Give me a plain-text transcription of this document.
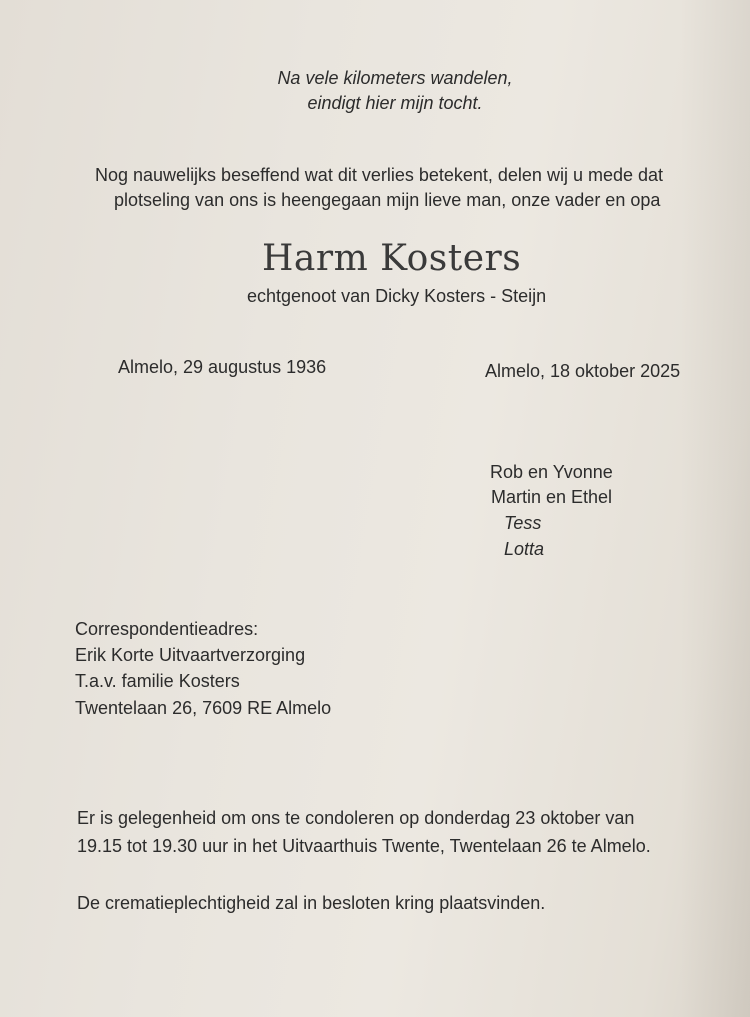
Na vele kilometers wandelen,
eindigt hier mijn tocht.
Nog nauwelijks beseffend wat dit verlies betekent, delen wij u mede dat
plotseling van ons is heengegaan mijn lieve man, onze vader en opa
Harm Kosters
echtgenoot van Dicky Kosters - Steijn
Almelo, 29 augustus 1936	Almelo, 18 oktober 2025
Rob en Yvonne
Martin en Ethel
Tess
Lotta
Correspondentieadres:
Erik Korte Uitvaartverzorging
T.a.v. familie Kosters
Twentelaan 26, 7609 RE Almelo
Er is gelegenheid om ons te condoleren op donderdag 23 oktober van
19.15 tot 19.30 uur in het Uitvaarthuis Twente, Twentelaan 26 te Almelo.
De crematieplechtigheid zal in besloten kring plaatsvinden.
